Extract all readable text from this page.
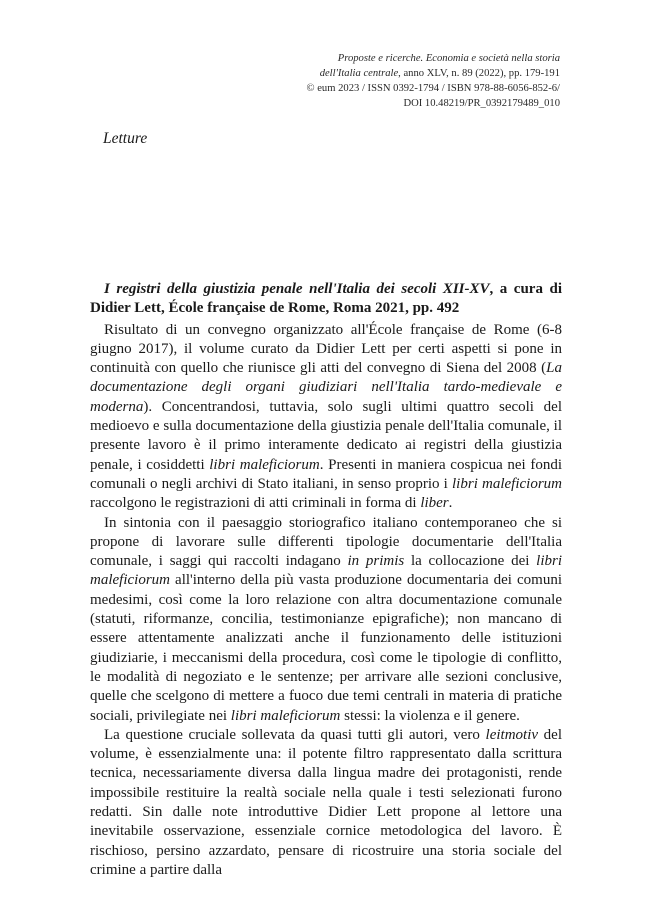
Proposte e ricerche. Economia e società nella storia
dell'Italia centrale, anno XLV, n. 89 (2022), pp. 179-191
© eum 2023 / ISSN 0392-1794 / ISBN 978-88-6056-852-6/
DOI 10.48219/PR_0392179489_010
Letture

I registri della giustizia penale nell'Italia dei secoli XII-XV, a cura di Didier Lett, École française de Rome, Roma 2021, pp. 492

Risultato di un convegno organizzato all'École française de Rome (6-8 giugno 2017), il volume curato da Didier Lett per certi aspetti si pone in continuità con quello che riunisce gli atti del convegno di Siena del 2008 (La documentazione degli organi giudiziari nell'Italia tardo-medievale e moderna). Concentrandosi, tuttavia, solo sugli ultimi quattro secoli del medioevo e sulla documentazione della giustizia penale dell'Italia comunale, il presente lavoro è il primo interamente dedicato ai registri della giustizia penale, i cosiddetti libri maleficiorum. Presenti in maniera cospicua nei fondi comunali o negli archivi di Stato italiani, in senso proprio i libri maleficiorum raccolgono le registrazioni di atti criminali in forma di liber.

In sintonia con il paesaggio storiografico italiano contemporaneo che si propone di lavorare sulle differenti tipologie documentarie dell'Italia comunale, i saggi qui raccolti indagano in primis la collocazione dei libri maleficiorum all'interno della più vasta produzione documentaria dei comuni medesimi, così come la loro relazione con altra documentazione comunale (statuti, riformanze, concilia, testimonianze epigrafiche); non mancano di essere attentamente analizzati anche il funzionamento delle istituzioni giudiziarie, i meccanismi della procedura, così come le tipologie di conflitto, le modalità di negoziato e le sentenze; per arrivare alle sezioni conclusive, quelle che scelgono di mettere a fuoco due temi centrali in materia di pratiche sociali, privilegiate nei libri maleficiorum stessi: la violenza e il genere.

La questione cruciale sollevata da quasi tutti gli autori, vero leitmotiv del volume, è essenzialmente una: il potente filtro rappresentato dalla scrittura tecnica, necessariamente diversa dalla lingua madre dei protagonisti, rende impossibile restituire la realtà sociale nella quale i testi selezionati furono redatti. Sin dalle note introduttive Didier Lett propone al lettore una inevitabile osservazione, essenziale cornice metodologica del lavoro. È rischioso, persino azzardato, pensare di ricostruire una storia sociale del crimine a partire dalla
